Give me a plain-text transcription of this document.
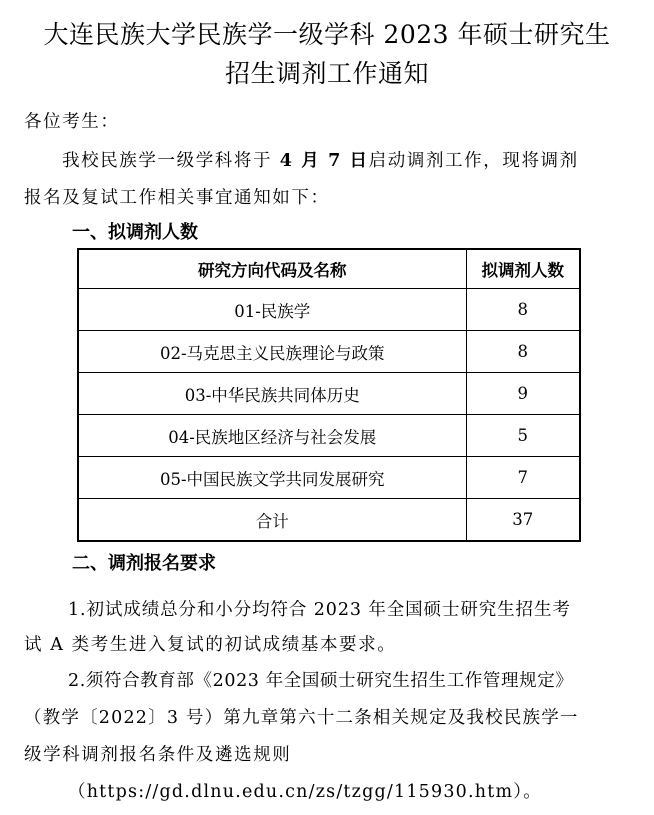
大连民族大学民族学一级学科 2023 年硕士研究生
招生调剂工作通知
各位考生：
我校民族学一级学科将于 4 月 7 日启动调剂工作，现将调剂
报名及复试工作相关事宜通知如下：
一、拟调剂人数
研究方向代码及名称	拟调剂人数
01-民族学	8
02-马克思主义民族理论与政策	8
03-中华民族共同体历史	9
04-民族地区经济与社会发展	5
05-中国民族文学共同发展研究	7
合计	37
二、调剂报名要求
1.初试成绩总分和小分均符合 2023 年全国硕士研究生招生考
试 A 类考生进入复试的初试成绩基本要求。
2.须符合教育部《2023 年全国硕士研究生招生工作管理规定》
（教学〔2022〕3 号）第九章第六十二条相关规定及我校民族学一
级学科调剂报名条件及遴选规则
（https://gd.dlnu.edu.cn/zs/tzgg/115930.htm）。
